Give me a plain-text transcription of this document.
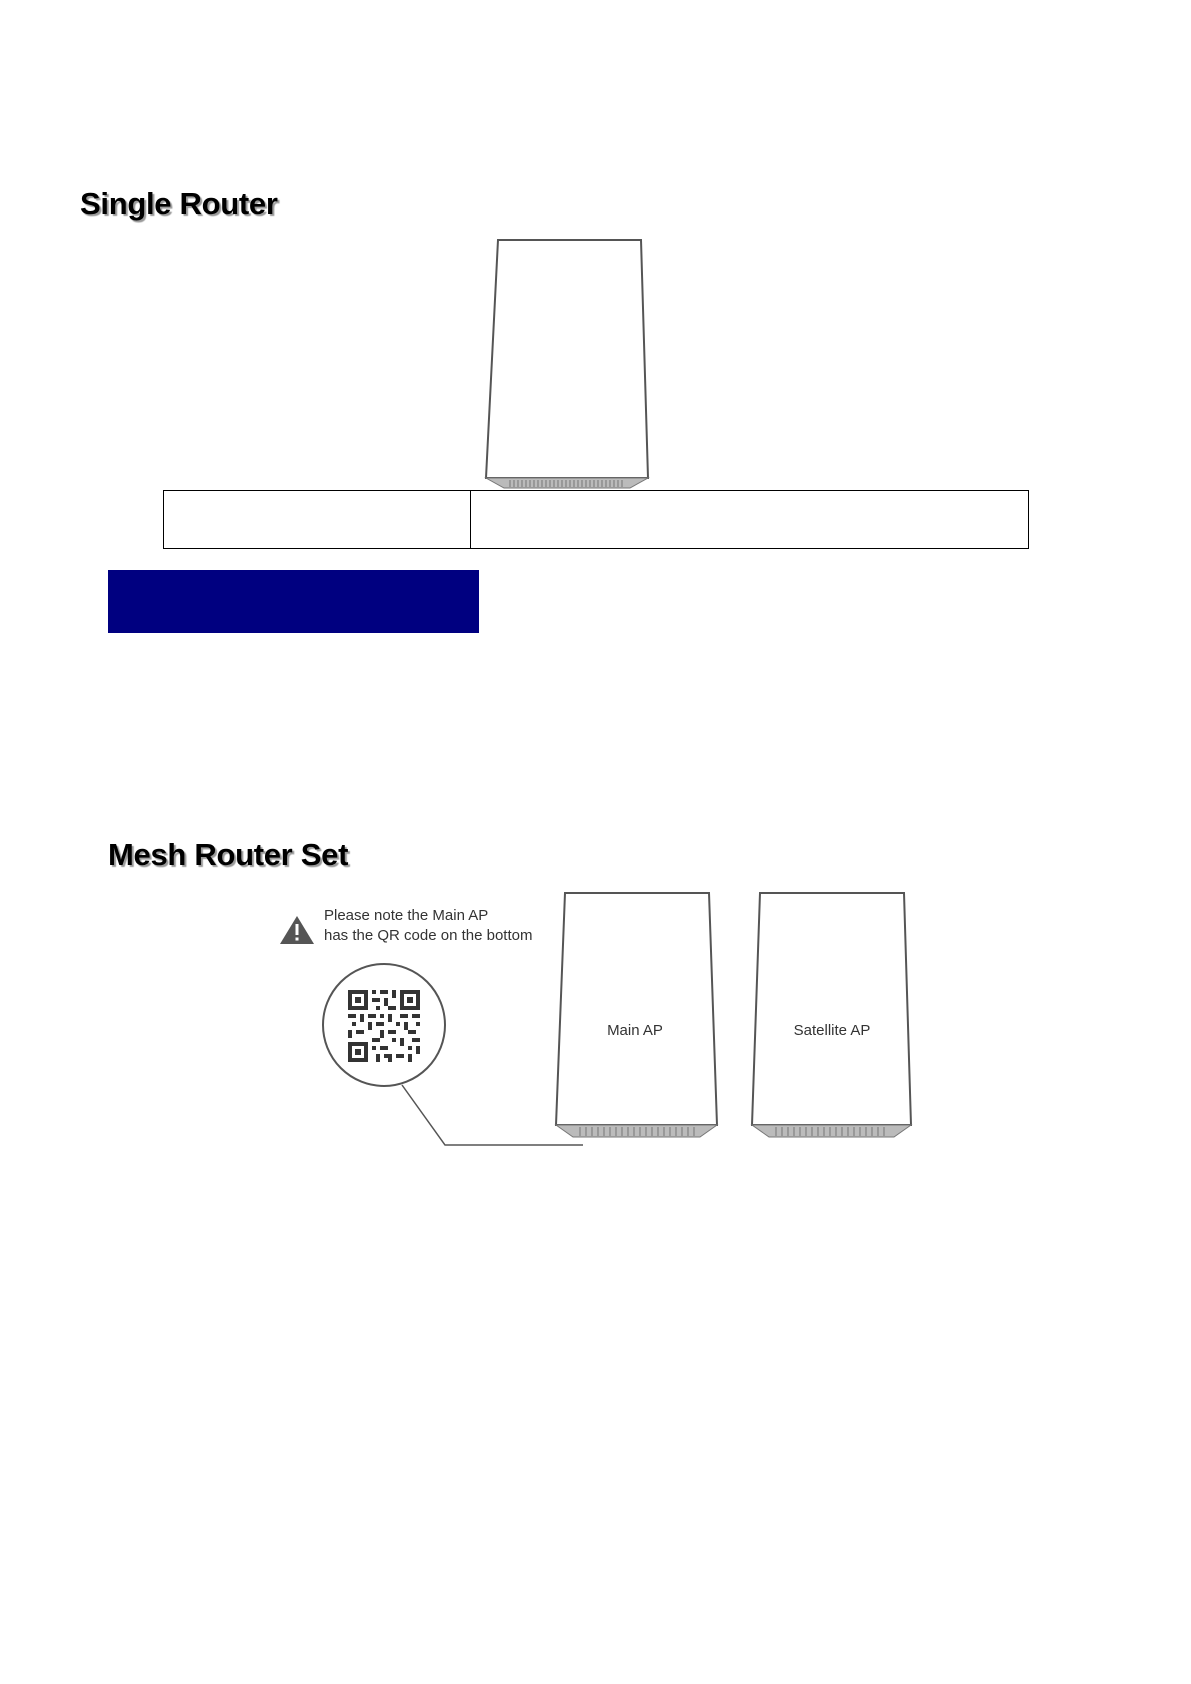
Single Router

Mesh Router Set
Please note the Main AP
has the QR code on the bottom
Main AP	Satellite AP
